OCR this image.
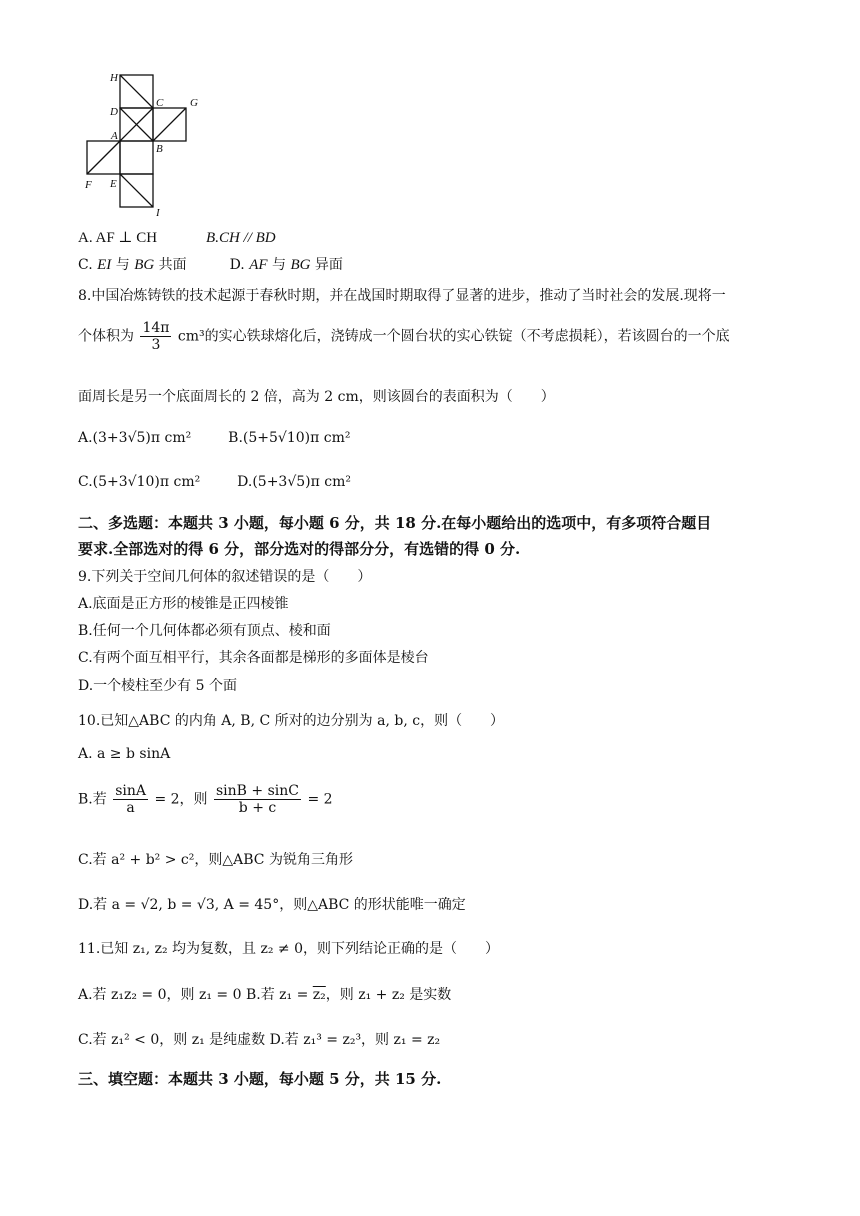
H
D
C G
A
B
F E
I
A. AF ⊥ CH	B.CH // BD
C. EI 与 BG 共面	D. AF 与 BG 异面
8.中国冶炼铸铁的技术起源于春秋时期，并在战国时期取得了显著的进步，推动了当时社会的发展.现将一
个体积为 $\frac{14\pi}{3} cm^3$的实心铁球熔化后，浇铸成一个圆台状的实心铁锭（不考虑损耗），若该圆台的一个底
面周长是另一个底面周长的 2 倍，高为 2 cm，则该圆台的表面积为（　　）
A.(3+3√5)π cm²	B.(5+5√10)π cm²
C.(5+3√10)π cm²	D.(5+3√5)π cm²
二、多选题：本题共 3 小题，每小题 6 分，共 18 分.在每小题给出的选项中，有多项符合题目
要求.全部选对的得 6 分，部分选对的得部分分，有选错的得 0 分.
9.下列关于空间几何体的叙述错误的是（　　）
A.底面是正方形的棱锥是正四棱锥
B.任何一个几何体都必须有顶点、棱和面
C.有两个面互相平行，其余各面都是梯形的多面体是棱台
D.一个棱柱至少有 5 个面
10.已知△ABC 的内角 A, B, C 所对的边分别为 a, b, c，则（　　）
A. a ≥ b sinA
B.若 $\frac{\sin A}{a} = 2$，则 $\frac{\sin B + \sin C}{b + c} = 2$
C.若 a² + b² > c²，则△ABC 为锐角三角形
D.若 a = √2, b = √3, A = 45°，则△ABC 的形状能唯一确定
11.已知 z₁, z₂ 均为复数，且 z₂ ≠ 0，则下列结论正确的是（　　）
A.若 z₁z₂ = 0，则 z₁ = 0 B.若 z₁ = z₂，则 z₁ + z₂ 是实数
C.若 z₁² < 0，则 z₁ 是纯虚数 D.若 z₁³ = z₂³，则 z₁ = z₂
三、填空题：本题共 3 小题，每小题 5 分，共 15 分.
